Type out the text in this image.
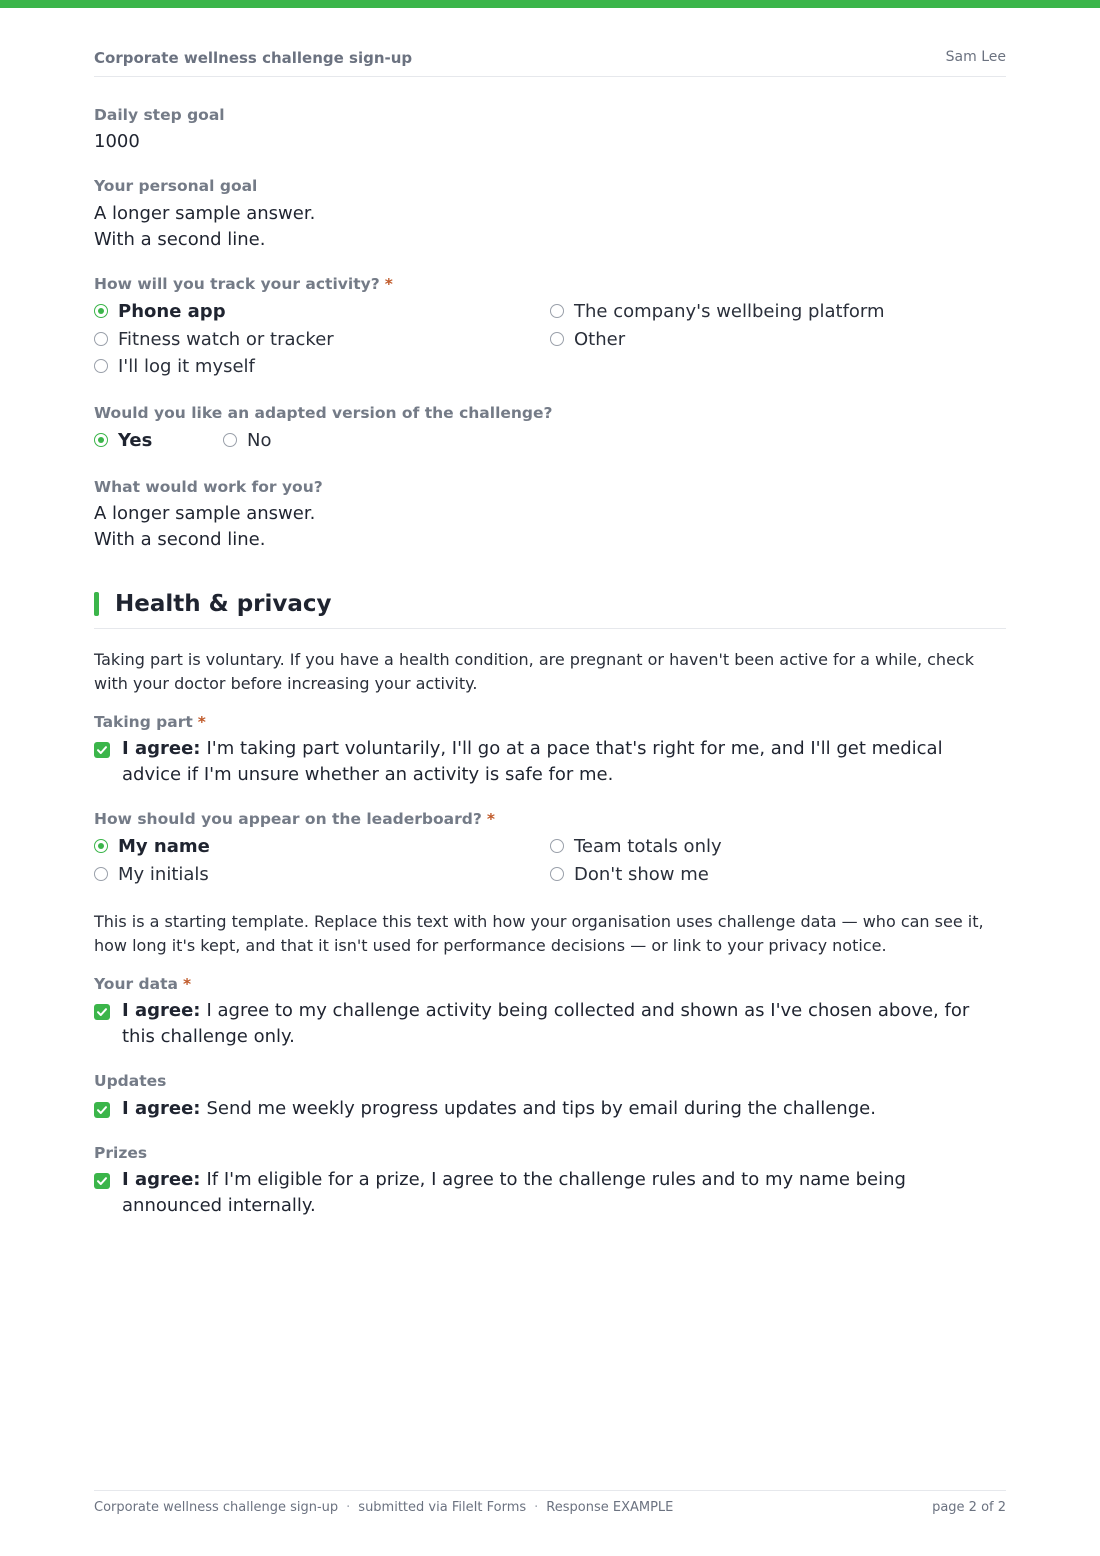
Corporate wellness challenge sign-up	Sam Lee
Daily step goal
1000
Your personal goal
A longer sample answer.
With a second line.
How will you track your activity? *
Phone app	The company's wellbeing platform
Fitness watch or tracker	Other
I'll log it myself
Would you like an adapted version of the challenge?
Yes	No
What would work for you?
A longer sample answer.
With a second line.
Health & privacy
Taking part is voluntary. If you have a health condition, are pregnant or haven't been active for a while, check with your doctor before increasing your activity.
Taking part *
I agree: I'm taking part voluntarily, I'll go at a pace that's right for me, and I'll get medical advice if I'm unsure whether an activity is safe for me.
How should you appear on the leaderboard? *
My name	Team totals only
My initials	Don't show me
This is a starting template. Replace this text with how your organisation uses challenge data — who can see it, how long it's kept, and that it isn't used for performance decisions — or link to your privacy notice.
Your data *
I agree: I agree to my challenge activity being collected and shown as I've chosen above, for this challenge only.
Updates
I agree: Send me weekly progress updates and tips by email during the challenge.
Prizes
I agree: If I'm eligible for a prize, I agree to the challenge rules and to my name being announced internally.
Corporate wellness challenge sign-up · submitted via FileIt Forms · Response EXAMPLE	page 2 of 2
